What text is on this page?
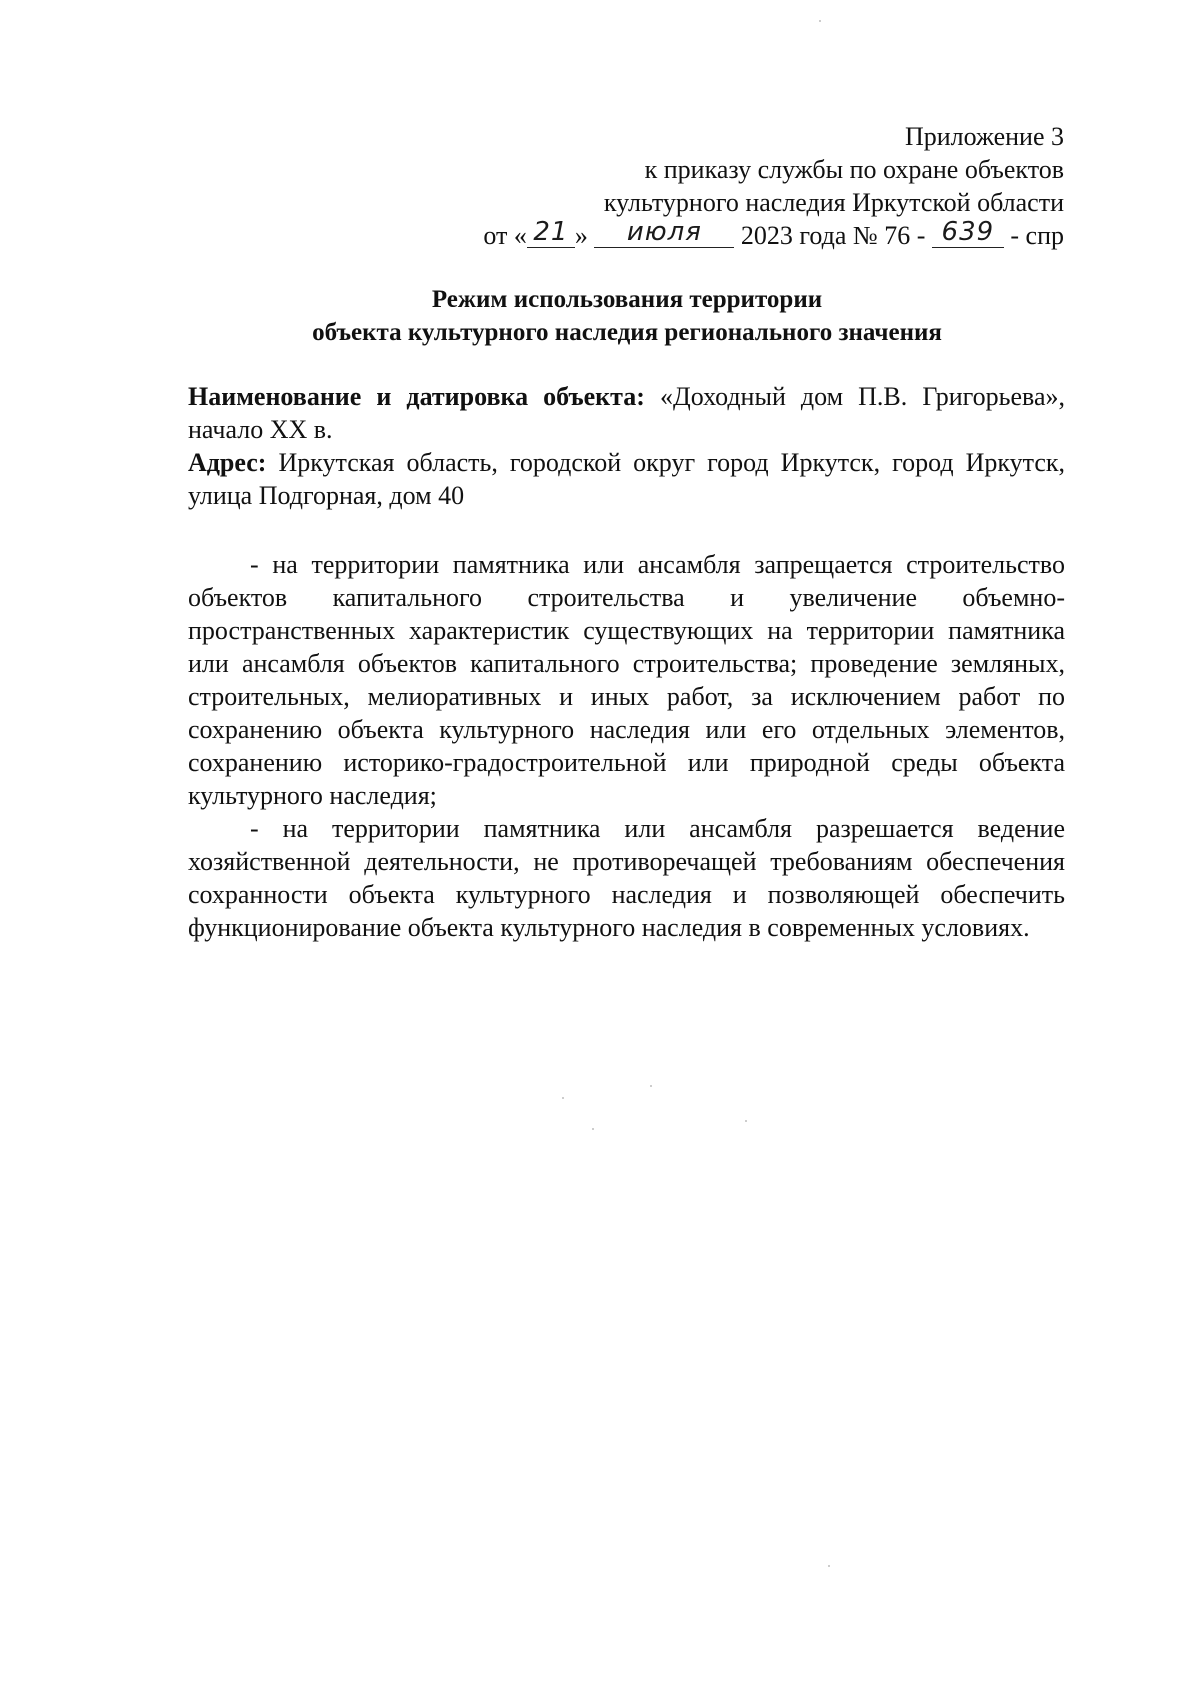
Приложение 3
к приказу службы по охране объектов
культурного наследия Иркутской области
от « 21 » июля 2023 года № 76 - 639 - спр
Режим использования территории
объекта культурного наследия регионального значения

Наименование и датировка объекта: «Доходный дом П.В. Григорьева», начало XX в.

Адрес: Иркутская область, городской округ город Иркутск, город Иркутск, улица Подгорная, дом 40

- на территории памятника или ансамбля запрещается строительство объектов капитального строительства и увеличение объемно-пространственных характеристик существующих на территории памятника или ансамбля объектов капитального строительства; проведение земляных, строительных, мелиоративных и иных работ, за исключением работ по сохранению объекта культурного наследия или его отдельных элементов, сохранению историко-градостроительной или природной среды объекта культурного наследия;

- на территории памятника или ансамбля разрешается ведение хозяйственной деятельности, не противоречащей требованиям обеспечения сохранности объекта культурного наследия и позволяющей обеспечить функционирование объекта культурного наследия в современных условиях.
